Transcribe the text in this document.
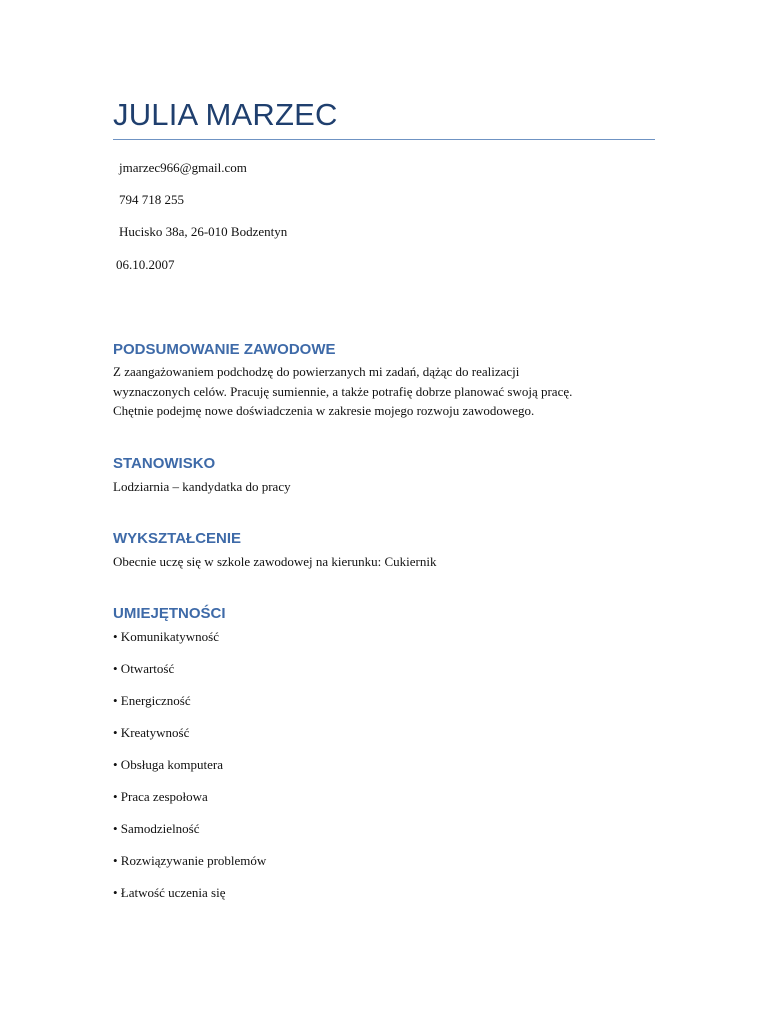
JULIA MARZEC
jmarzec966@gmail.com
794 718 255
Hucisko 38a, 26-010 Bodzentyn
06.10.2007
PODSUMOWANIE ZAWODOWE
Z zaangażowaniem podchodzę do powierzanych mi zadań, dążąc do realizacji
wyznaczonych celów. Pracuję sumiennie, a także potrafię dobrze planować swoją pracę.
Chętnie podejmę nowe doświadczenia w zakresie mojego rozwoju zawodowego.
STANOWISKO
Lodziarnia – kandydatka do pracy
WYKSZTAŁCENIE
Obecnie uczę się w szkole zawodowej na kierunku: Cukiernik
UMIEJĘTNOŚCI
• Komunikatywność
• Otwartość
• Energiczność
• Kreatywność
• Obsługa komputera
• Praca zespołowa
• Samodzielność
• Rozwiązywanie problemów
• Łatwość uczenia się
